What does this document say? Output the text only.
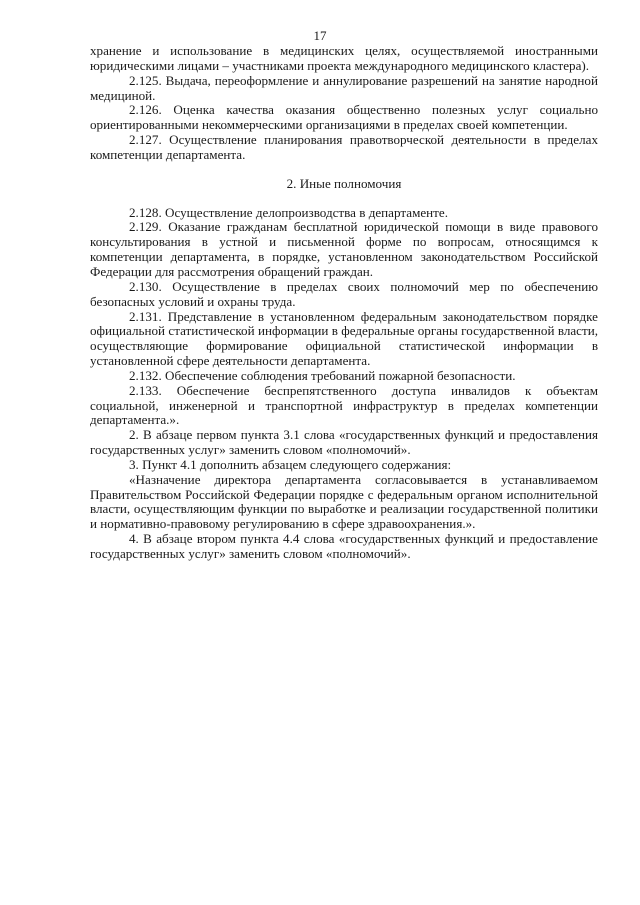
17

хранение и использование в медицинских целях, осуществляемой иностранными юридическими лицами – участниками проекта международного медицинского кластера).

2.125. Выдача, переоформление и аннулирование разрешений на занятие народной медициной.

2.126. Оценка качества оказания общественно полезных услуг социально ориентированными некоммерческими организациями в пределах своей компетенции.

2.127. Осуществление планирования правотворческой деятельности в пределах компетенции департамента.

2. Иные полномочия

2.128. Осуществление делопроизводства в департаменте.

2.129. Оказание гражданам бесплатной юридической помощи в виде правового консультирования в устной и письменной форме по вопросам, относящимся к компетенции департамента, в порядке, установленном законодательством Российской Федерации для рассмотрения обращений граждан.

2.130. Осуществление в пределах своих полномочий мер по обеспечению безопасных условий и охраны труда.

2.131. Представление в установленном федеральным законодательством порядке официальной статистической информации в федеральные органы государственной власти, осуществляющие формирование официальной статистической информации в установленной сфере деятельности департамента.

2.132. Обеспечение соблюдения требований пожарной безопасности.

2.133. Обеспечение беспрепятственного доступа инвалидов к объектам социальной, инженерной и транспортной инфраструктур в пределах компетенции департамента.».

2. В абзаце первом пункта 3.1 слова «государственных функций и предоставления государственных услуг» заменить словом «полномочий».

3. Пункт 4.1 дополнить абзацем следующего содержания:

«Назначение директора департамента согласовывается в устанавливаемом Правительством Российской Федерации порядке с федеральным органом исполнительной власти, осуществляющим функции по выработке и реализации государственной политики и нормативно-правовому регулированию в сфере здравоохранения.».

4. В абзаце втором пункта 4.4 слова «государственных функций и предоставление государственных услуг» заменить словом «полномочий».
